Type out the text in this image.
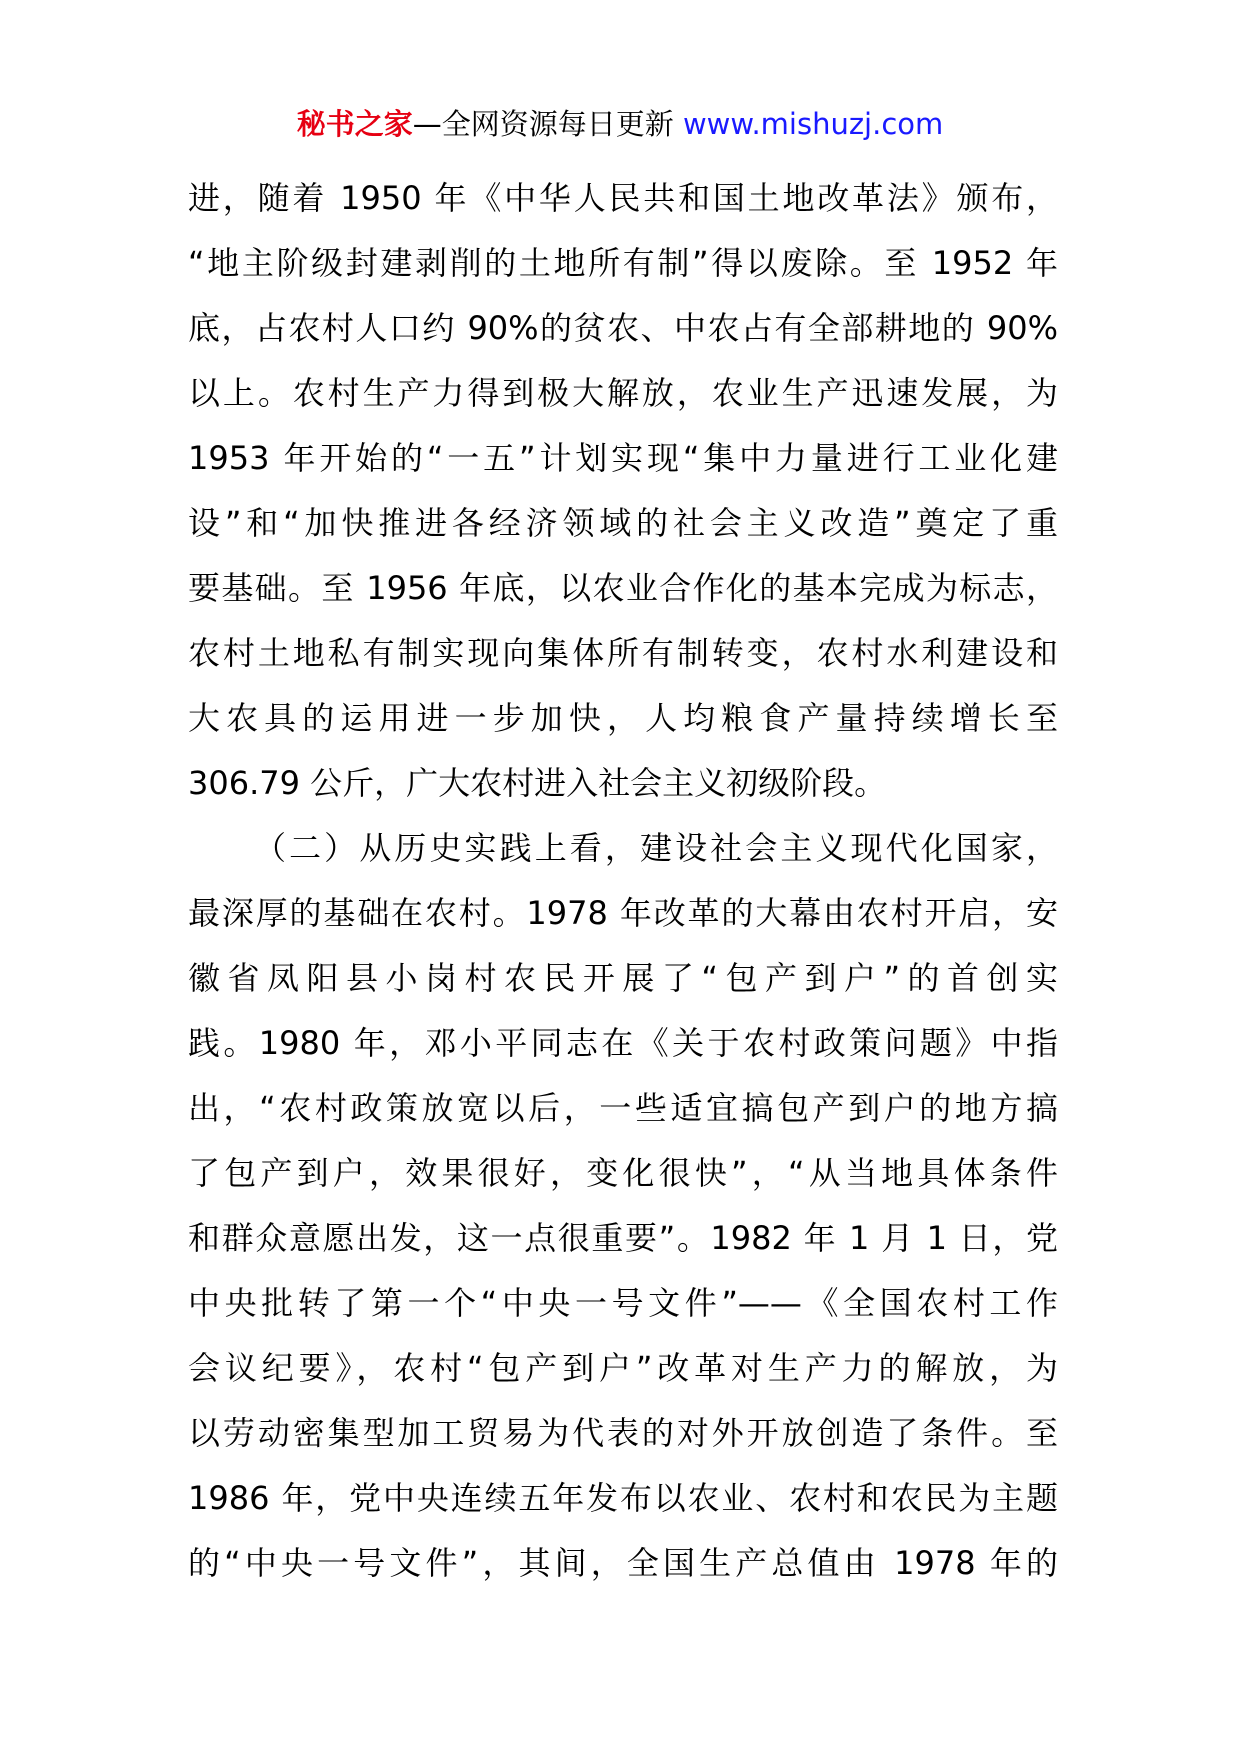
秘书之家—全网资源每日更新 www.mishuzj.com
进，随着 1950 年《中华人民共和国土地改革法》颁布，
“地主阶级封建剥削的土地所有制”得以废除。至 1952 年
底，占农村人口约 90%的贫农、中农占有全部耕地的 90%
以上。农村生产力得到极大解放，农业生产迅速发展，为
1953 年开始的“一五”计划实现“集中力量进行工业化建
设”和“加快推进各经济领域的社会主义改造”奠定了重
要基础。至 1956 年底，以农业合作化的基本完成为标志，
农村土地私有制实现向集体所有制转变，农村水利建设和
大农具的运用进一步加快，人均粮食产量持续增长至
306.79 公斤，广大农村进入社会主义初级阶段。
（二）从历史实践上看，建设社会主义现代化国家，
最深厚的基础在农村。1978 年改革的大幕由农村开启，安
徽省凤阳县小岗村农民开展了“包产到户”的首创实
践。1980 年，邓小平同志在《关于农村政策问题》中指
出，“农村政策放宽以后，一些适宜搞包产到户的地方搞
了包产到户，效果很好，变化很快”，“从当地具体条件
和群众意愿出发，这一点很重要”。1982 年 1 月 1 日，党
中央批转了第一个“中央一号文件”——《全国农村工作
会议纪要》，农村“包产到户”改革对生产力的解放，为
以劳动密集型加工贸易为代表的对外开放创造了条件。至
1986 年，党中央连续五年发布以农业、农村和农民为主题
的“中央一号文件”，其间，全国生产总值由 1978 年的
